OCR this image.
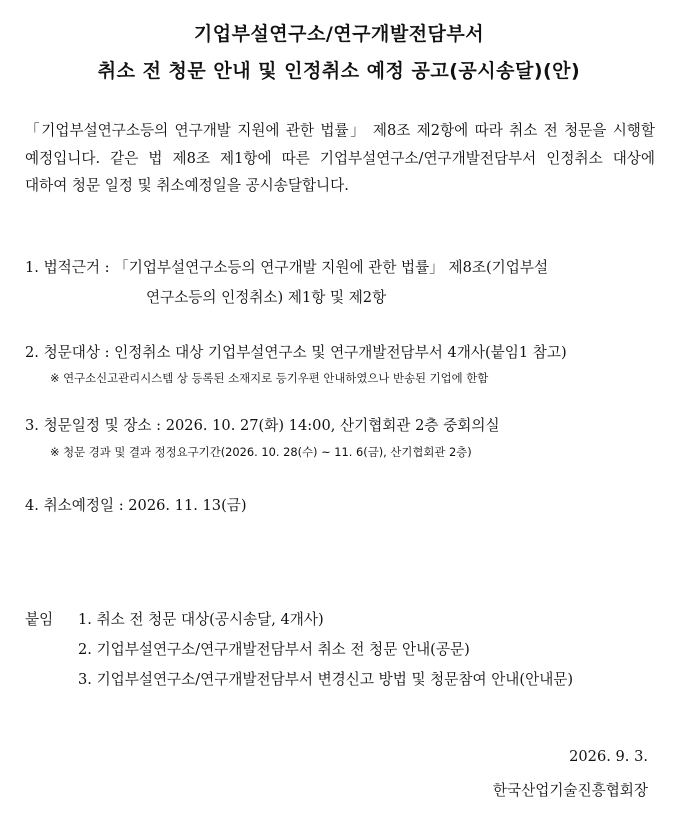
기업부설연구소/연구개발전담부서
취소 전 청문 안내 및 인정취소 예정 공고(공시송달)(안)
「기업부설연구소등의 연구개발 지원에 관한 법률」 제8조 제2항에 따라 취소 전 청문을 시행할 예정입니다. 같은 법 제8조 제1항에 따른 기업부설연구소/연구개발전담부서 인정취소 대상에 대하여 청문 일정 및 취소예정일을 공시송달합니다.
1. 법적근거 : 「기업부설연구소등의 연구개발 지원에 관한 법률」 제8조(기업부설
연구소등의 인정취소) 제1항 및 제2항
2. 청문대상 : 인정취소 대상 기업부설연구소 및 연구개발전담부서 4개사(붙임1 참고)
※ 연구소신고관리시스템 상 등록된 소재지로 등기우편 안내하였으나 반송된 기업에 한함
3. 청문일정 및 장소 : 2026. 10. 27(화) 14:00, 산기협회관 2층 중회의실
※ 청문 경과 및 결과 정정요구기간(2026. 10. 28(수) ~ 11. 6(금), 산기협회관 2층)
4. 취소예정일 : 2026. 11. 13(금)
붙임 1. 취소 전 청문 대상(공시송달, 4개사)
2. 기업부설연구소/연구개발전담부서 취소 전 청문 안내(공문)
3. 기업부설연구소/연구개발전담부서 변경신고 방법 및 청문참여 안내(안내문)
2026. 9. 3.
한국산업기술진흥협회장
